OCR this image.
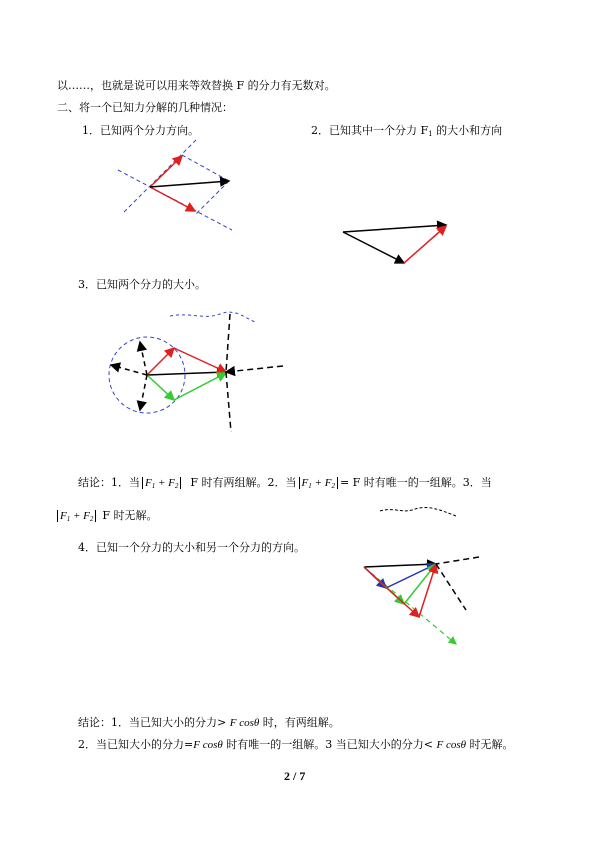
以……，也就是说可以用来等效替换 F 的分力有无数对。
二、将一个已知力分解的几种情况：
1．已知两个分力方向。	2．已知其中一个分力 $F_1$ 的大小和方向
3．已知两个分力的大小。
结论：1．当 $F_1 + F_2$ F 时有两组解。2．当 $F_1 + F_2 = F$ 时有唯一的一组解。3．当
$F_1 + F_2$ F 时无解。
4．已知一个分力的大小和另一个分力的方向。
结论：1．当已知大小的分力> F cosθ 时，有两组解。
2．当已知大小的分力=F cosθ 时有唯一的一组解。3 当已知大小的分力< F cosθ 时无解。
2 / 7
